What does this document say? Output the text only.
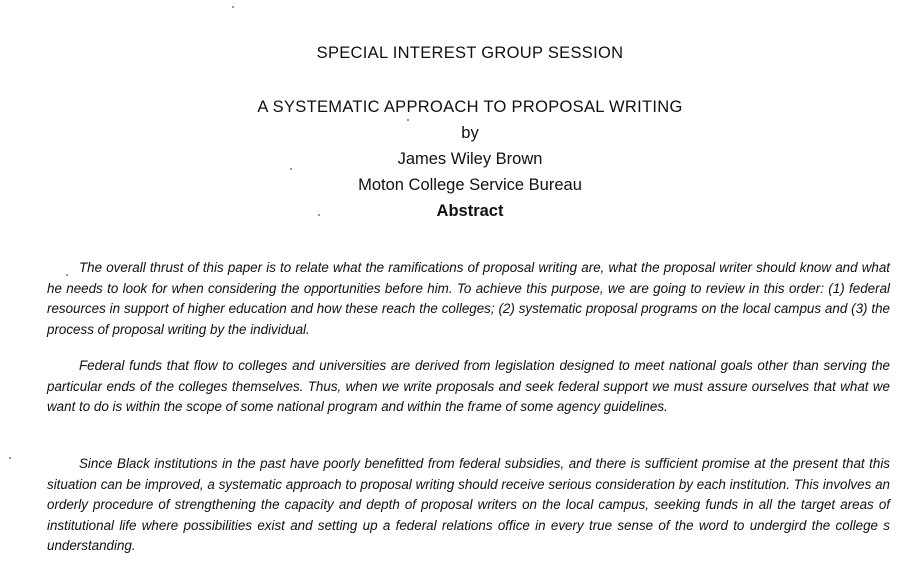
SPECIAL INTEREST GROUP SESSION
A SYSTEMATIC APPROACH TO PROPOSAL WRITING
by
James Wiley Brown
Moton College Service Bureau
Abstract

The overall thrust of this paper is to relate what the ramifications of proposal writing are, what the proposal writer should know and what he needs to look for when considering the opportunities before him. To achieve this purpose, we are going to review in this order: (1) federal resources in support of higher education and how these reach the colleges; (2) systematic proposal programs on the local campus and (3) the process of proposal writing by the individual.

Federal funds that flow to colleges and universities are derived from legislation designed to meet national goals other than serving the particular ends of the colleges themselves. Thus, when we write proposals and seek federal support we must assure ourselves that what we want to do is within the scope of some national program and within the frame of some agency guidelines.

Since Black institutions in the past have poorly benefitted from federal subsidies, and there is sufficient promise at the present that this situation can be improved, a systematic approach to proposal writing should receive serious consideration by each institution. This involves an orderly procedure of strengthening the capacity and depth of proposal writers on the local campus, seeking funds in all the target areas of institutional life where possibilities exist and setting up a federal relations office in every true sense of the word to undergird the college s understanding.
